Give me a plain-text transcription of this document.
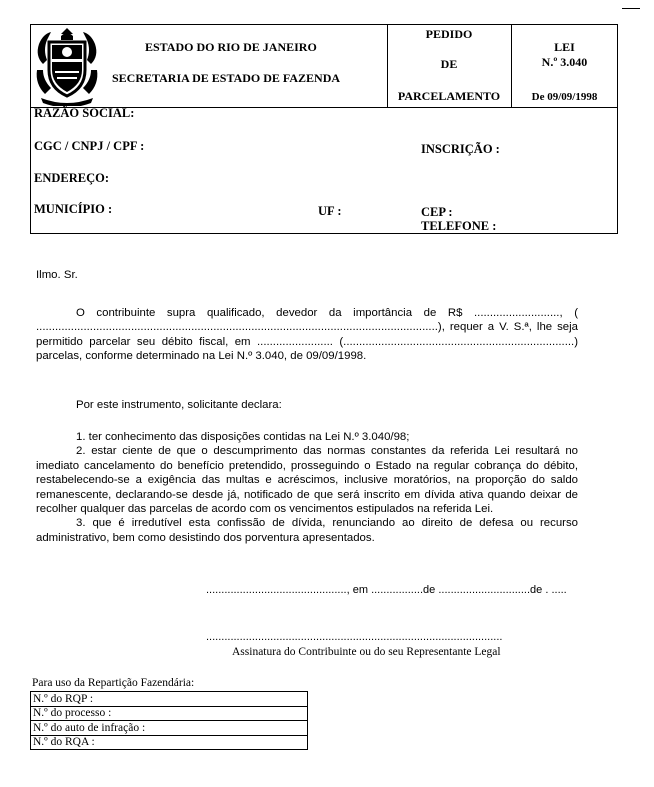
ESTADO DO RIO DE JANEIRO
SECRETARIA DE ESTADO DE FAZENDA
PEDIDO
DE
PARCELAMENTO
LEI
N.º 3.040
De 09/09/1998
RAZÃO SOCIAL:
CGC / CNPJ / CPF :	INSCRIÇÃO :
ENDEREÇO:
MUNICÍPIO :	UF :	CEP :
TELEFONE :
Ilmo. Sr.

O contribuinte supra qualificado, devedor da importância de R$ ..........................., ( ...............................................................................................................................), requer a V. S.ª, lhe seja permitido parcelar seu débito fiscal, em ........................ (.........................................................................) parcelas, conforme determinado na Lei N.º 3.040, de 09/09/1998.

Por este instrumento, solicitante declara:

1. ter conhecimento das disposições contidas na Lei N.º 3.040/98;

2. estar ciente de que o descumprimento das normas constantes da referida Lei resultará no imediato cancelamento do benefício pretendido, prosseguindo o Estado na regular cobrança do débito, restabelecendo-se a exigência das multas e acréscimos, inclusive moratórios, na proporção do saldo remanescente, declarando-se desde já, notificado de que será inscrito em dívida ativa quando deixar de recolher qualquer das parcelas de acordo com os vencimentos estipulados na referida Lei.

3. que é irredutível esta confissão de dívida, renunciando ao direito de defesa ou recurso administrativo, bem como desistindo dos porventura apresentados.

.............................................., em .................de ..............................de . .....
.................................................................................................
Assinatura do Contribuinte ou do seu Representante Legal
Para uso da Repartição Fazendária:
N.º do RQP :
N.º do processo :
N.º do auto de infração :
N.º do RQA :
